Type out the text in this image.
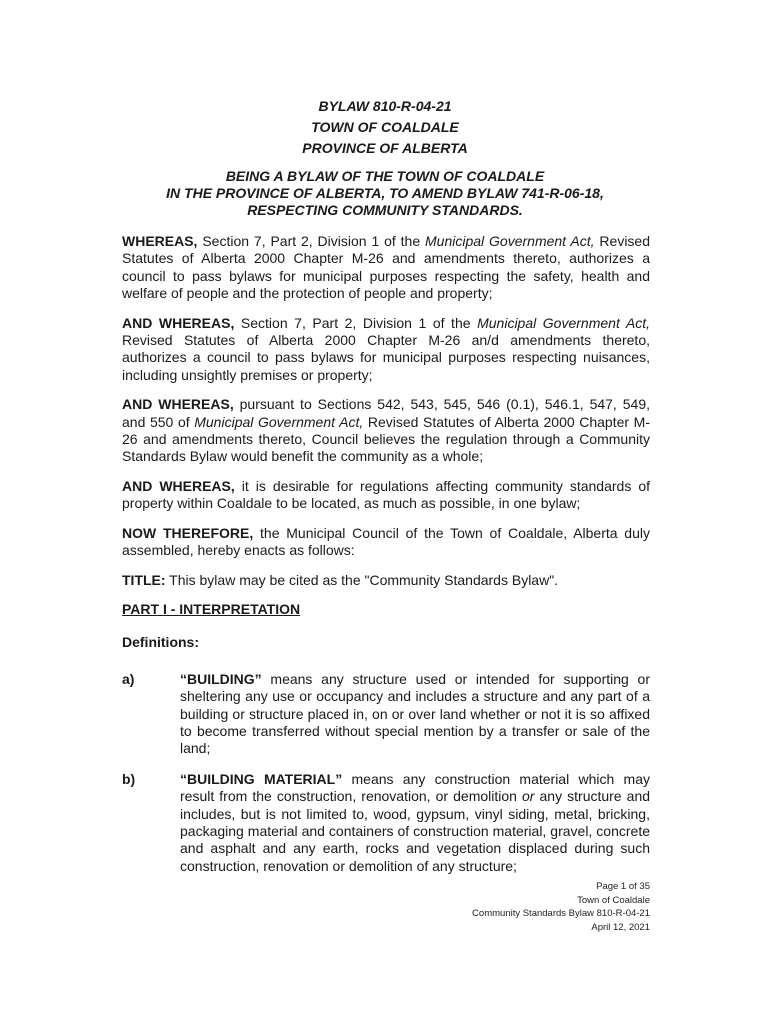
BYLAW 810-R-04-21
TOWN OF COALDALE
PROVINCE OF ALBERTA
BEING A BYLAW OF THE TOWN OF COALDALE
IN THE PROVINCE OF ALBERTA, TO AMEND BYLAW 741-R-06-18,
RESPECTING COMMUNITY STANDARDS.

WHEREAS, Section 7, Part 2, Division 1 of the Municipal Government Act, Revised Statutes of Alberta 2000 Chapter M-26 and amendments thereto, authorizes a council to pass bylaws for municipal purposes respecting the safety, health and welfare of people and the protection of people and property;

AND WHEREAS, Section 7, Part 2, Division 1 of the Municipal Government Act, Revised Statutes of Alberta 2000 Chapter M-26 an/d amendments thereto, authorizes a council to pass bylaws for municipal purposes respecting nuisances, including unsightly premises or property;

AND WHEREAS, pursuant to Sections 542, 543, 545, 546 (0.1), 546.1, 547, 549, and 550 of Municipal Government Act, Revised Statutes of Alberta 2000 Chapter M-26 and amendments thereto, Council believes the regulation through a Community Standards Bylaw would benefit the community as a whole;

AND WHEREAS, it is desirable for regulations affecting community standards of property within Coaldale to be located, as much as possible, in one bylaw;

NOW THEREFORE, the Municipal Council of the Town of Coaldale, Alberta duly assembled, hereby enacts as follows:

TITLE: This bylaw may be cited as the "Community Standards Bylaw".

PART I - INTERPRETATION

Definitions:

a)	“BUILDING” means any structure used or intended for supporting or sheltering any use or occupancy and includes a structure and any part of a building or structure placed in, on or over land whether or not it is so affixed to become transferred without special mention by a transfer or sale of the land;
b)	“BUILDING MATERIAL” means any construction material which may result from the construction, renovation, or demolition or any structure and includes, but is not limited to, wood, gypsum, vinyl siding, metal, bricking, packaging material and containers of construction material, gravel, concrete and asphalt and any earth, rocks and vegetation displaced during such construction, renovation or demolition of any structure;
Page 1 of 35
Town of Coaldale
Community Standards Bylaw 810-R-04-21
April 12, 2021
